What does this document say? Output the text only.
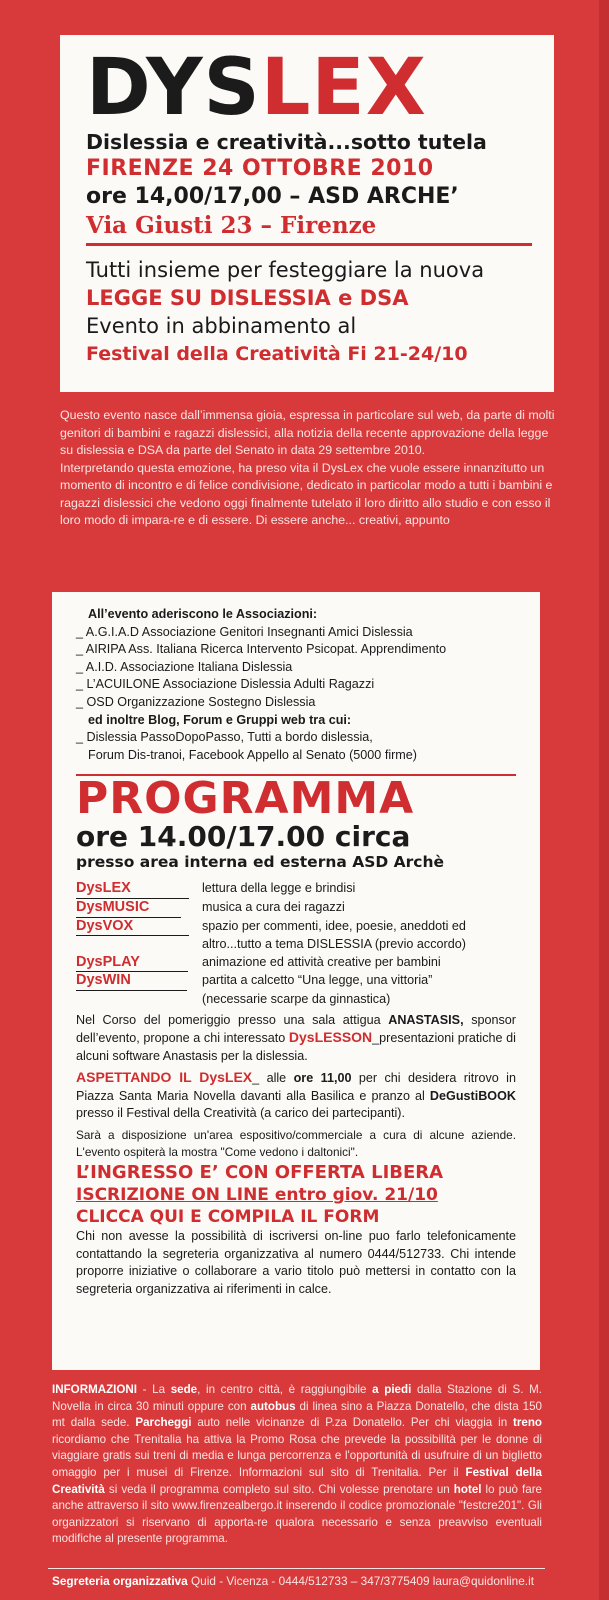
DYSLEX
Dislessia e creatività...sotto tutela
FIRENZE 24 OTTOBRE 2010
ore 14,00/17,00 – ASD ARCHE’
Via Giusti 23 – Firenze
Tutti insieme per festeggiare la nuova
LEGGE SU DISLESSIA e DSA
Evento in abbinamento al
Festival della Creatività Fi 21-24/10

Questo evento nasce dall’immensa gioia, espressa in particolare sul web, da parte di molti genitori di bambini e ragazzi dislessici, alla notizia della recente approvazione della legge su dislessia e DSA da parte del Senato in data 29 settembre 2010.

Interpretando questa emozione, ha preso vita il DysLex che vuole essere innanzitutto un momento di incontro e di felice condivisione, dedicato in particolar modo a tutti i bambini e ragazzi dislessici che vedono oggi finalmente tutelato il loro diritto allo studio e con esso il loro modo di impara-re e di essere. Di essere anche... creativi, appunto

All’evento aderiscono le Associazioni:
_ A.G.I.A.D Associazione Genitori Insegnanti Amici Dislessia
_ AIRIPA Ass. Italiana Ricerca Intervento Psicopat. Apprendimento
_ A.I.D. Associazione Italiana Dislessia
_ L’ACUILONE Associazione Dislessia Adulti Ragazzi
_ OSD Organizzazione Sostegno Dislessia
ed inoltre Blog, Forum e Gruppi web tra cui:
_ Dislessia PassoDopoPasso, Tutti a bordo dislessia,
Forum Dis-tranoi, Facebook Appello al Senato (5000 firme)
PROGRAMMA
ore 14.00/17.00 circa
presso area interna ed esterna ASD Archè
DysLEX	lettura della legge e brindisi
DysMUSIC	musica a cura dei ragazzi
DysVOX	spazio per commenti, idee, poesie, aneddoti ed
altro...tutto a tema DISLESSIA (previo accordo)
DysPLAY	animazione ed attività creative per bambini
DysWIN	partita a calcetto “Una legge, una vittoria”
(necessarie scarpe da ginnastica)

Nel Corso del pomeriggio presso una sala attigua ANASTASIS, sponsor dell’evento, propone a chi interessato DysLESSON_presentazioni pratiche di alcuni software Anastasis per la dislessia.

ASPETTANDO IL DysLEX_ alle ore 11,00 per chi desidera ritrovo in Piazza Santa Maria Novella davanti alla Basilica e pranzo al DeGustiBOOK presso il Festival della Creatività (a carico dei partecipanti).

Sarà a disposizione un'area espositivo/commerciale a cura di alcune aziende. L'evento ospiterà la mostra "Come vedono i daltonici".

L’INGRESSO E’ CON OFFERTA LIBERA
ISCRIZIONE ON LINE entro giov. 21/10
CLICCA QUI E COMPILA IL FORM

Chi non avesse la possibilità di iscriversi on-line puo farlo telefonicamente contattando la segreteria organizzativa al numero 0444/512733. Chi intende proporre iniziative o collaborare a vario titolo può mettersi in contatto con la segreteria organizzativa ai riferimenti in calce.

INFORMAZIONI - La sede, in centro città, è raggiungibile a piedi dalla Stazione di S. M. Novella in circa 30 minuti oppure con autobus di linea sino a Piazza Donatello, che dista 150 mt dalla sede. Parcheggi auto nelle vicinanze di P.za Donatello. Per chi viaggia in treno ricordiamo che Trenitalia ha attiva la Promo Rosa che prevede la possibilità per le donne di viaggiare gratis sui treni di media e lunga percorrenza e l'opportunità di usufruire di un biglietto omaggio per i musei di Firenze. Informazioni sul sito di Trenitalia. Per il Festival della Creatività si veda il programma completo sul sito. Chi volesse prenotare un hotel lo può fare anche attraverso il sito www.firenzealbergo.it inserendo il codice promozionale "festcre201". Gli organizzatori si riservano di apporta-re qualora necessario e senza preavviso eventuali modifiche al presente programma.
Segreteria organizzativa Quid - Vicenza - 0444/512733 – 347/3775409 laura@quidonline.it
